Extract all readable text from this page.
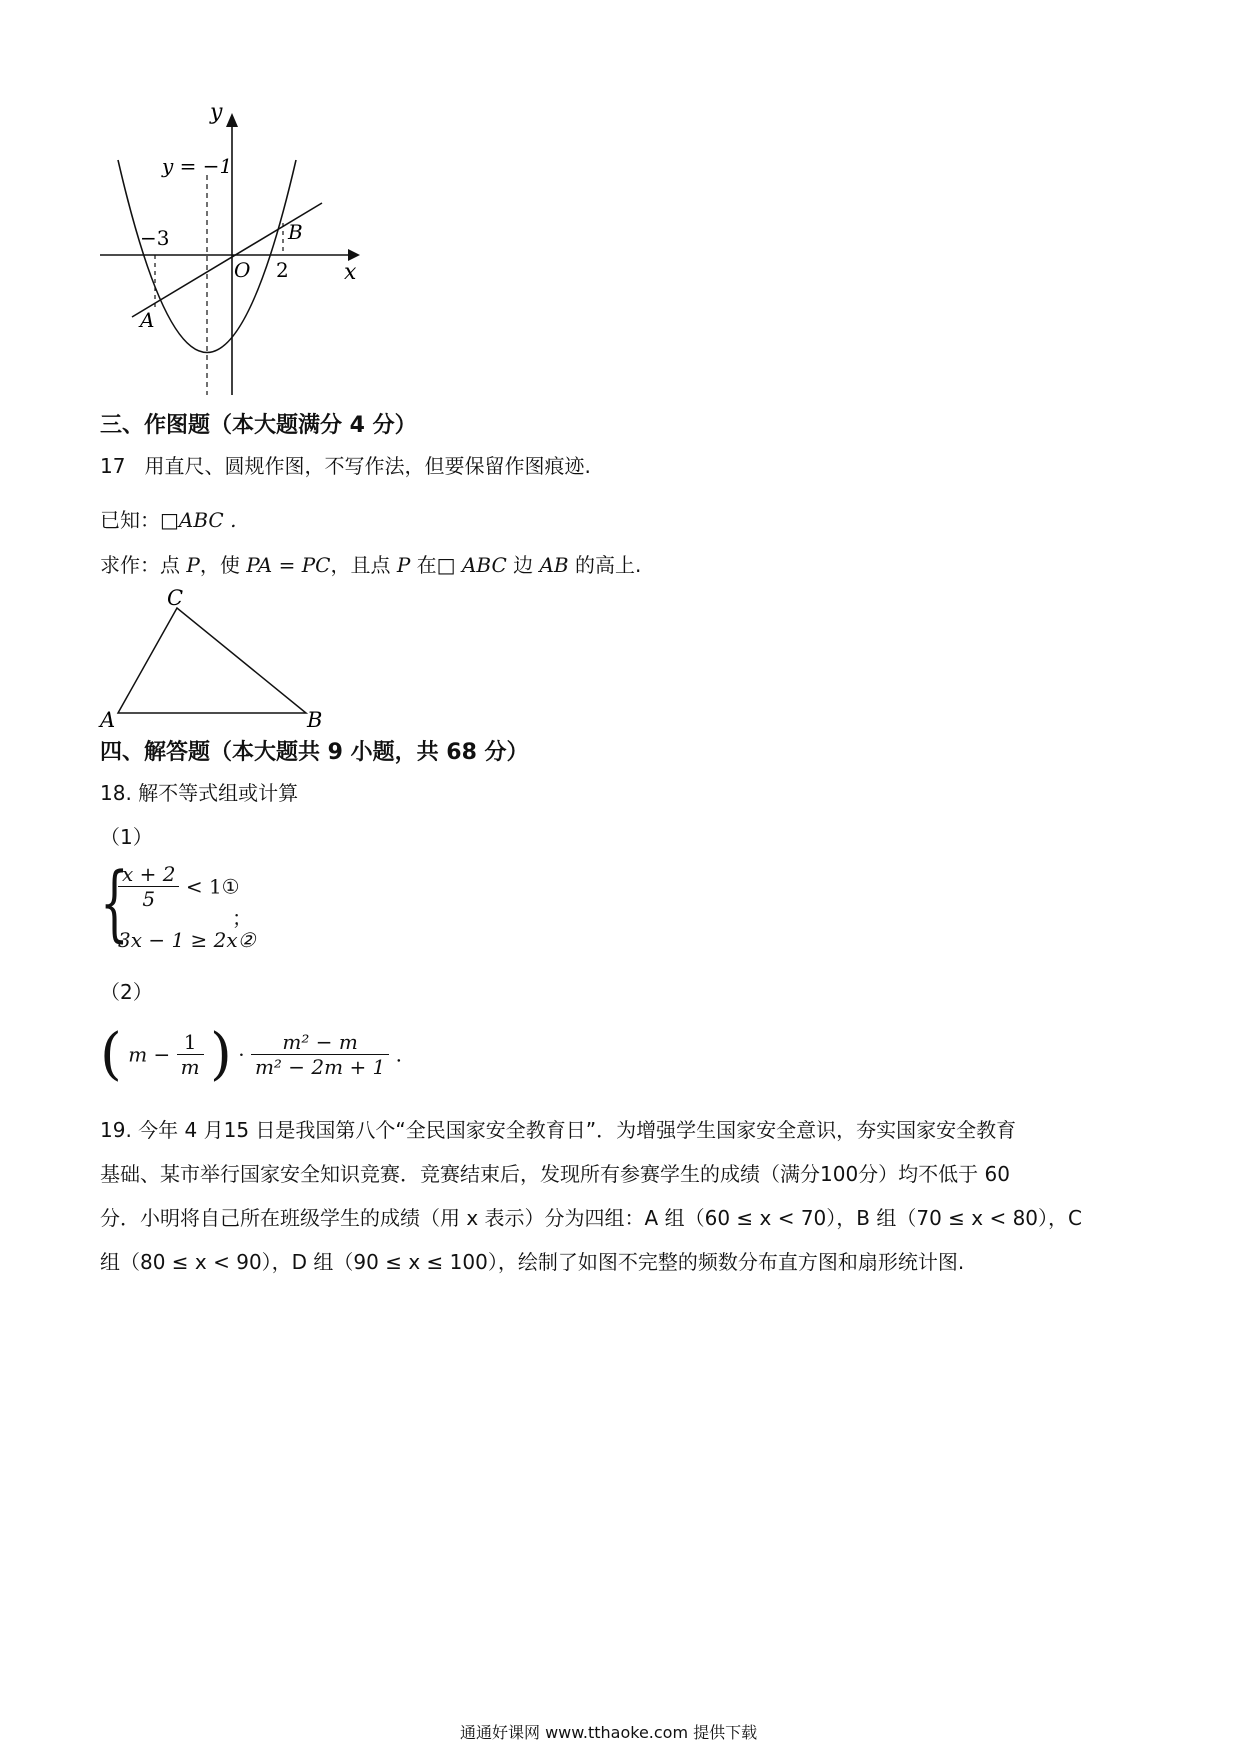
y
x
y = −1
−3
2
O
A
B
三、作图题（本大题满分 4 分）
17 用直尺、圆规作图，不写作法，但要保留作图痕迹.
已知：□ABC .
求作：点 P，使 PA = PC，且点 P 在□ ABC 边 AB 的高上.
A	B
C
四、解答题（本大题共 9 小题，共 68 分）
18. 解不等式组或计算
（1）
{
$\frac{x + 2}{5}$ < 1①
3x − 1 ≥ 2x②
；
（2）
( $m - \frac{1}{m}$ ) · $\frac{\text{m² − m}}{\text{m² − 2m + 1}}$ .
19. 今年 4 月15 日是我国第八个“全民国家安全教育日”．为增强学生国家安全意识，夯实国家安全教育
基础、某市举行国家安全知识竞赛．竞赛结束后，发现所有参赛学生的成绩（满分100分）均不低于 60
分．小明将自己所在班级学生的成绩（用 x 表示）分为四组：A 组（60 ≤ x < 70），B 组（70 ≤ x < 80），C
组（80 ≤ x < 90），D 组（90 ≤ x ≤ 100），绘制了如图不完整的频数分布直方图和扇形统计图.
通通好课网 www.tthaoke.com 提供下载
